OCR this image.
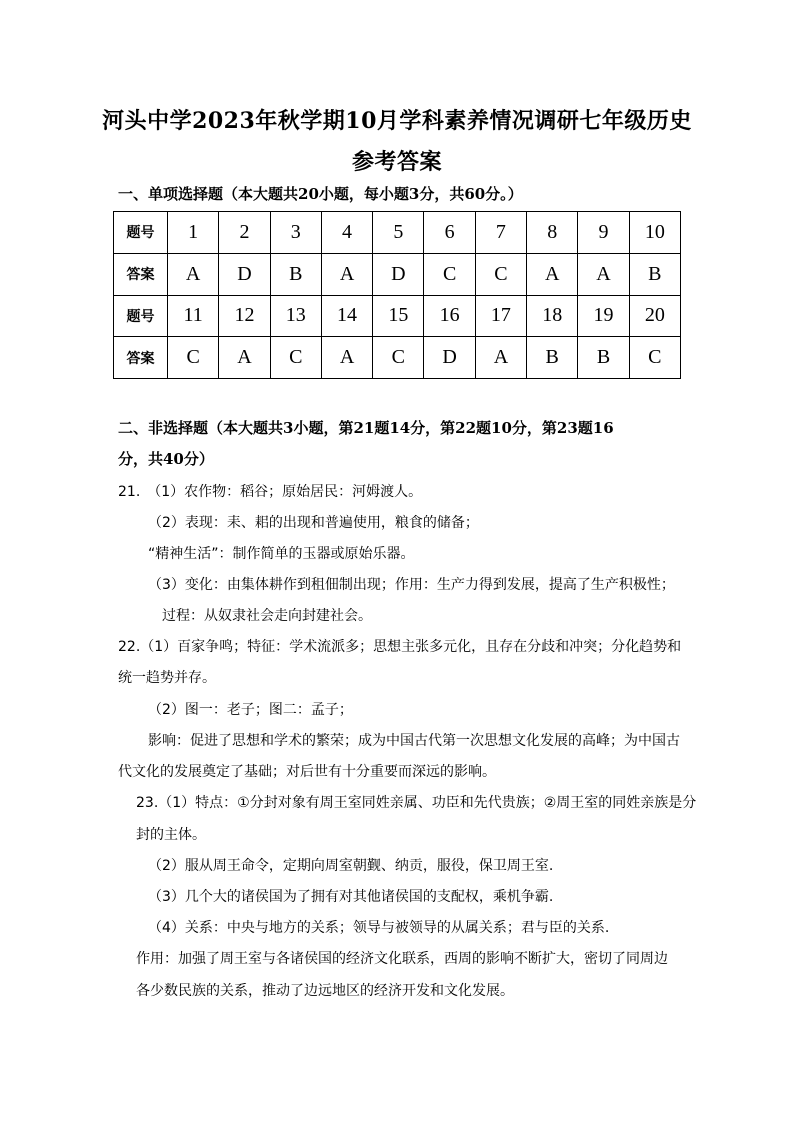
河头中学2023年秋学期10月学科素养情况调研七年级历史
参考答案
一、单项选择题（本大题共20小题，每小题3分，共60分。）
题号	1	2	3	4	5	6	7	8	9	10
答案	A	D	B	A	D	C	C	A	A	B
题号	11	12	13	14	15	16	17	18	19	20
答案	C	A	C	A	C	D	A	B	B	C
二、非选择题（本大题共3小题，第21题14分，第22题10分，第23题16
分，共40分）
21.　（1）农作物：稻谷；原始居民：河姆渡人。
（2）表现：耒、耜的出现和普遍使用，粮食的储备；
“精神生活”：制作简单的玉器或原始乐器。
（3）变化：由集体耕作到租佃制出现；作用：生产力得到发展，提高了生产积极性；
过程：从奴隶社会走向封建社会。
22.（1）百家争鸣；特征：学术流派多；思想主张多元化，且存在分歧和冲突；分化趋势和
统一趋势并存。
（2）图一：老子；图二：孟子；
影响：促进了思想和学术的繁荣；成为中国古代第一次思想文化发展的高峰；为中国古
代文化的发展奠定了基础；对后世有十分重要而深远的影响。
23.（1）特点：①分封对象有周王室同姓亲属、功臣和先代贵族；②周王室的同姓亲族是分
封的主体。
（2）服从周王命令，定期向周室朝觐、纳贡，服役，保卫周王室.
（3）几个大的诸侯国为了拥有对其他诸侯国的支配权，乘机争霸.
（4）关系：中央与地方的关系；领导与被领导的从属关系；君与臣的关系.
作用：加强了周王室与各诸侯国的经济文化联系，西周的影响不断扩大，密切了同周边
各少数民族的关系，推动了边远地区的经济开发和文化发展。
